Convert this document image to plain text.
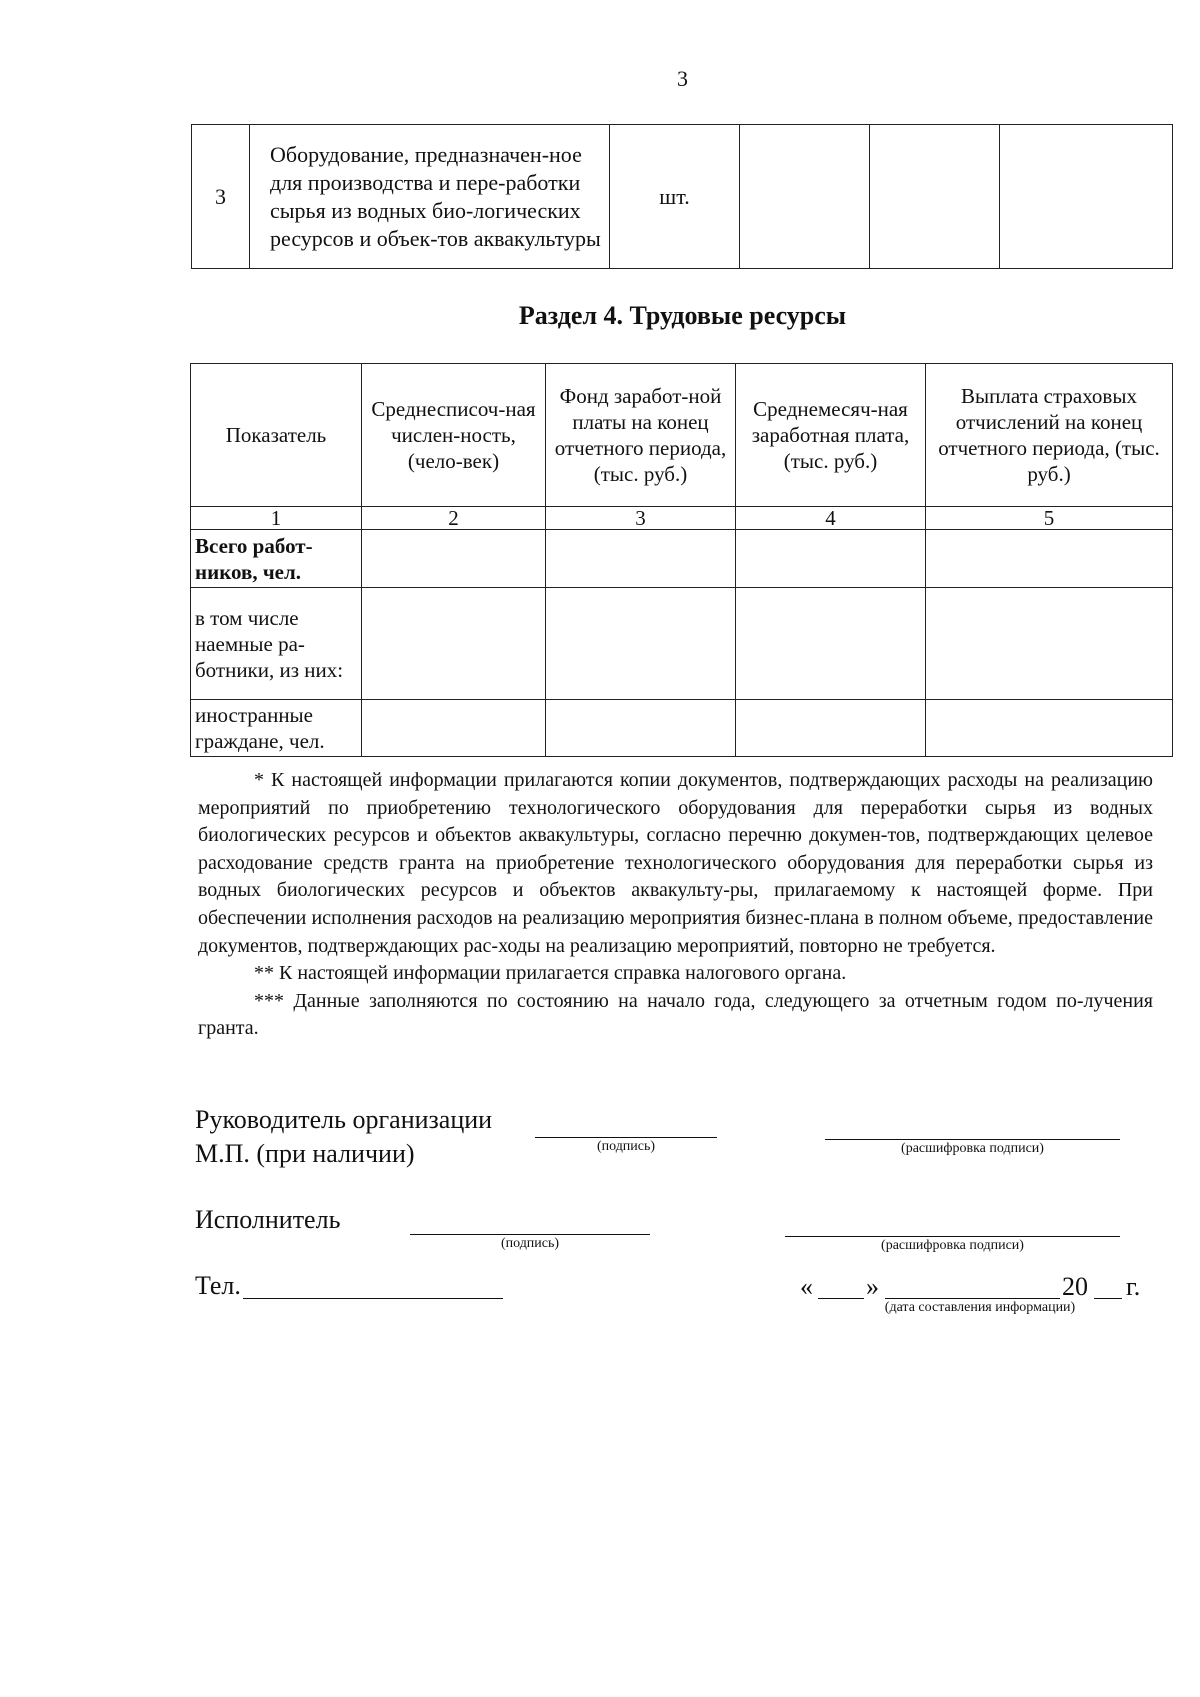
3
3	Оборудование, предназначен-ное для производства и пере-работки сырья из водных био-логических ресурсов и объек-тов аквакультуры	шт.			
Раздел 4. Трудовые ресурсы
Показатель	Среднесписоч-ная числен-ность, (чело-век)	Фонд заработ-ной платы на конец отчетного периода, (тыс. руб.)	Среднемесяч-ная заработная плата, (тыс. руб.)	Выплата страховых отчислений на конец отчетного периода, (тыс. руб.)
1	2	3	4	5
Всего работ-ников, чел.				
в том числе наемные ра-ботники, из них:				
иностранные граждане, чел.				

* К настоящей информации прилагаются копии документов, подтверждающих расходы на реализацию мероприятий по приобретению технологического оборудования для переработки сырья из водных биологических ресурсов и объектов аквакультуры, согласно перечню докумен-тов, подтверждающих целевое расходование средств гранта на приобретение технологического оборудования для переработки сырья из водных биологических ресурсов и объектов аквакульту-ры, прилагаемому к настоящей форме. При обеспечении исполнения расходов на реализацию мероприятия бизнес-плана в полном объеме, предоставление документов, подтверждающих рас-ходы на реализацию мероприятий, повторно не требуется.

** К настоящей информации прилагается справка налогового органа.

*** Данные заполняются по состоянию на начало года, следующего за отчетным годом по-лучения гранта.

Руководитель организации
М.П. (при наличии)	(подпись)	(расшифровка подписи)
Исполнитель
(подпись)	(расшифровка подписи)
Тел.	« »	20 г.
(дата составления информации)
